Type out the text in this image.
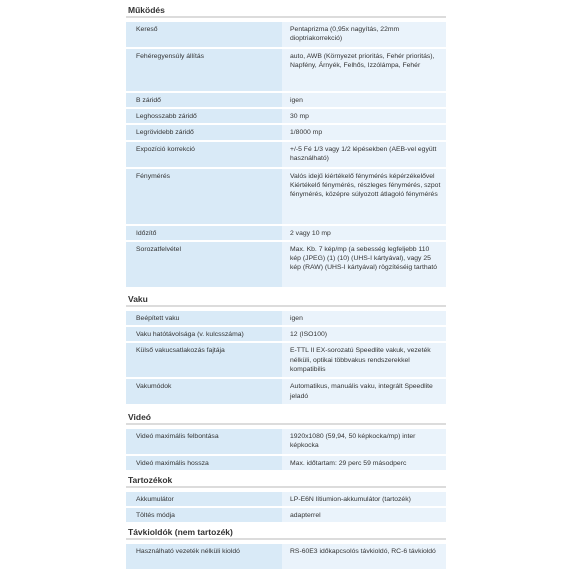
Működés
Kereső	Pentaprizma (0,95x nagyítás, 22mm dioptriakorrekció)
Fehéregyensúly állítás	auto, AWB (Környezet prioritás, Fehér prioritás), Napfény, Árnyék, Felhős, Izzólámpa, Fehér
B záridő	igen
Leghosszabb záridő	30 mp
Legrövidebb záridő	1/8000 mp
Expozíció korrekció	+/-5 Fé 1/3 vagy 1/2 lépésekben (AEB-vel együtt használható)
Fénymérés	Valós idejű kiértékelő fénymérés képérzékelővel Kiértékelő fénymérés, részleges fénymérés, szpot fénymérés, középre súlyozott átlagoló fénymérés
Időzítő	2 vagy 10 mp
Sorozatfelvétel	Max. Kb. 7 kép/mp (a sebesség legfeljebb 110 kép (JPEG) (1) (10) (UHS-I kártyával), vagy 25 kép (RAW) (UHS-I kártyával) rögzítéséig tartható
Vaku
Beépített vaku	igen
Vaku hatótávolsága (v. kulcsszáma)	12 (ISO100)
Külső vakucsatlakozás fajtája	E-TTL II EX-sorozatú Speedlite vakuk, vezeték nélküli, optikai többvakus rendszerekkel kompatibilis
Vakumódok	Automatikus, manuális vaku, integrált Speedlite jeladó
Videó
Videó maximális felbontása	1920x1080 (59,94, 50 képkocka/mp) inter képkocka
Videó maximális hossza	Max. időtartam: 29 perc 59 másodperc
Tartozékok
Akkumulátor	LP-E6N lítiumion-akkumulátor (tartozék)
Töltés módja	adapterrel
Távkioldók (nem tartozék)
Használható vezeték nélküli kioldó	RS-60E3 időkapcsolós távkioldó, RC-6 távkioldó
